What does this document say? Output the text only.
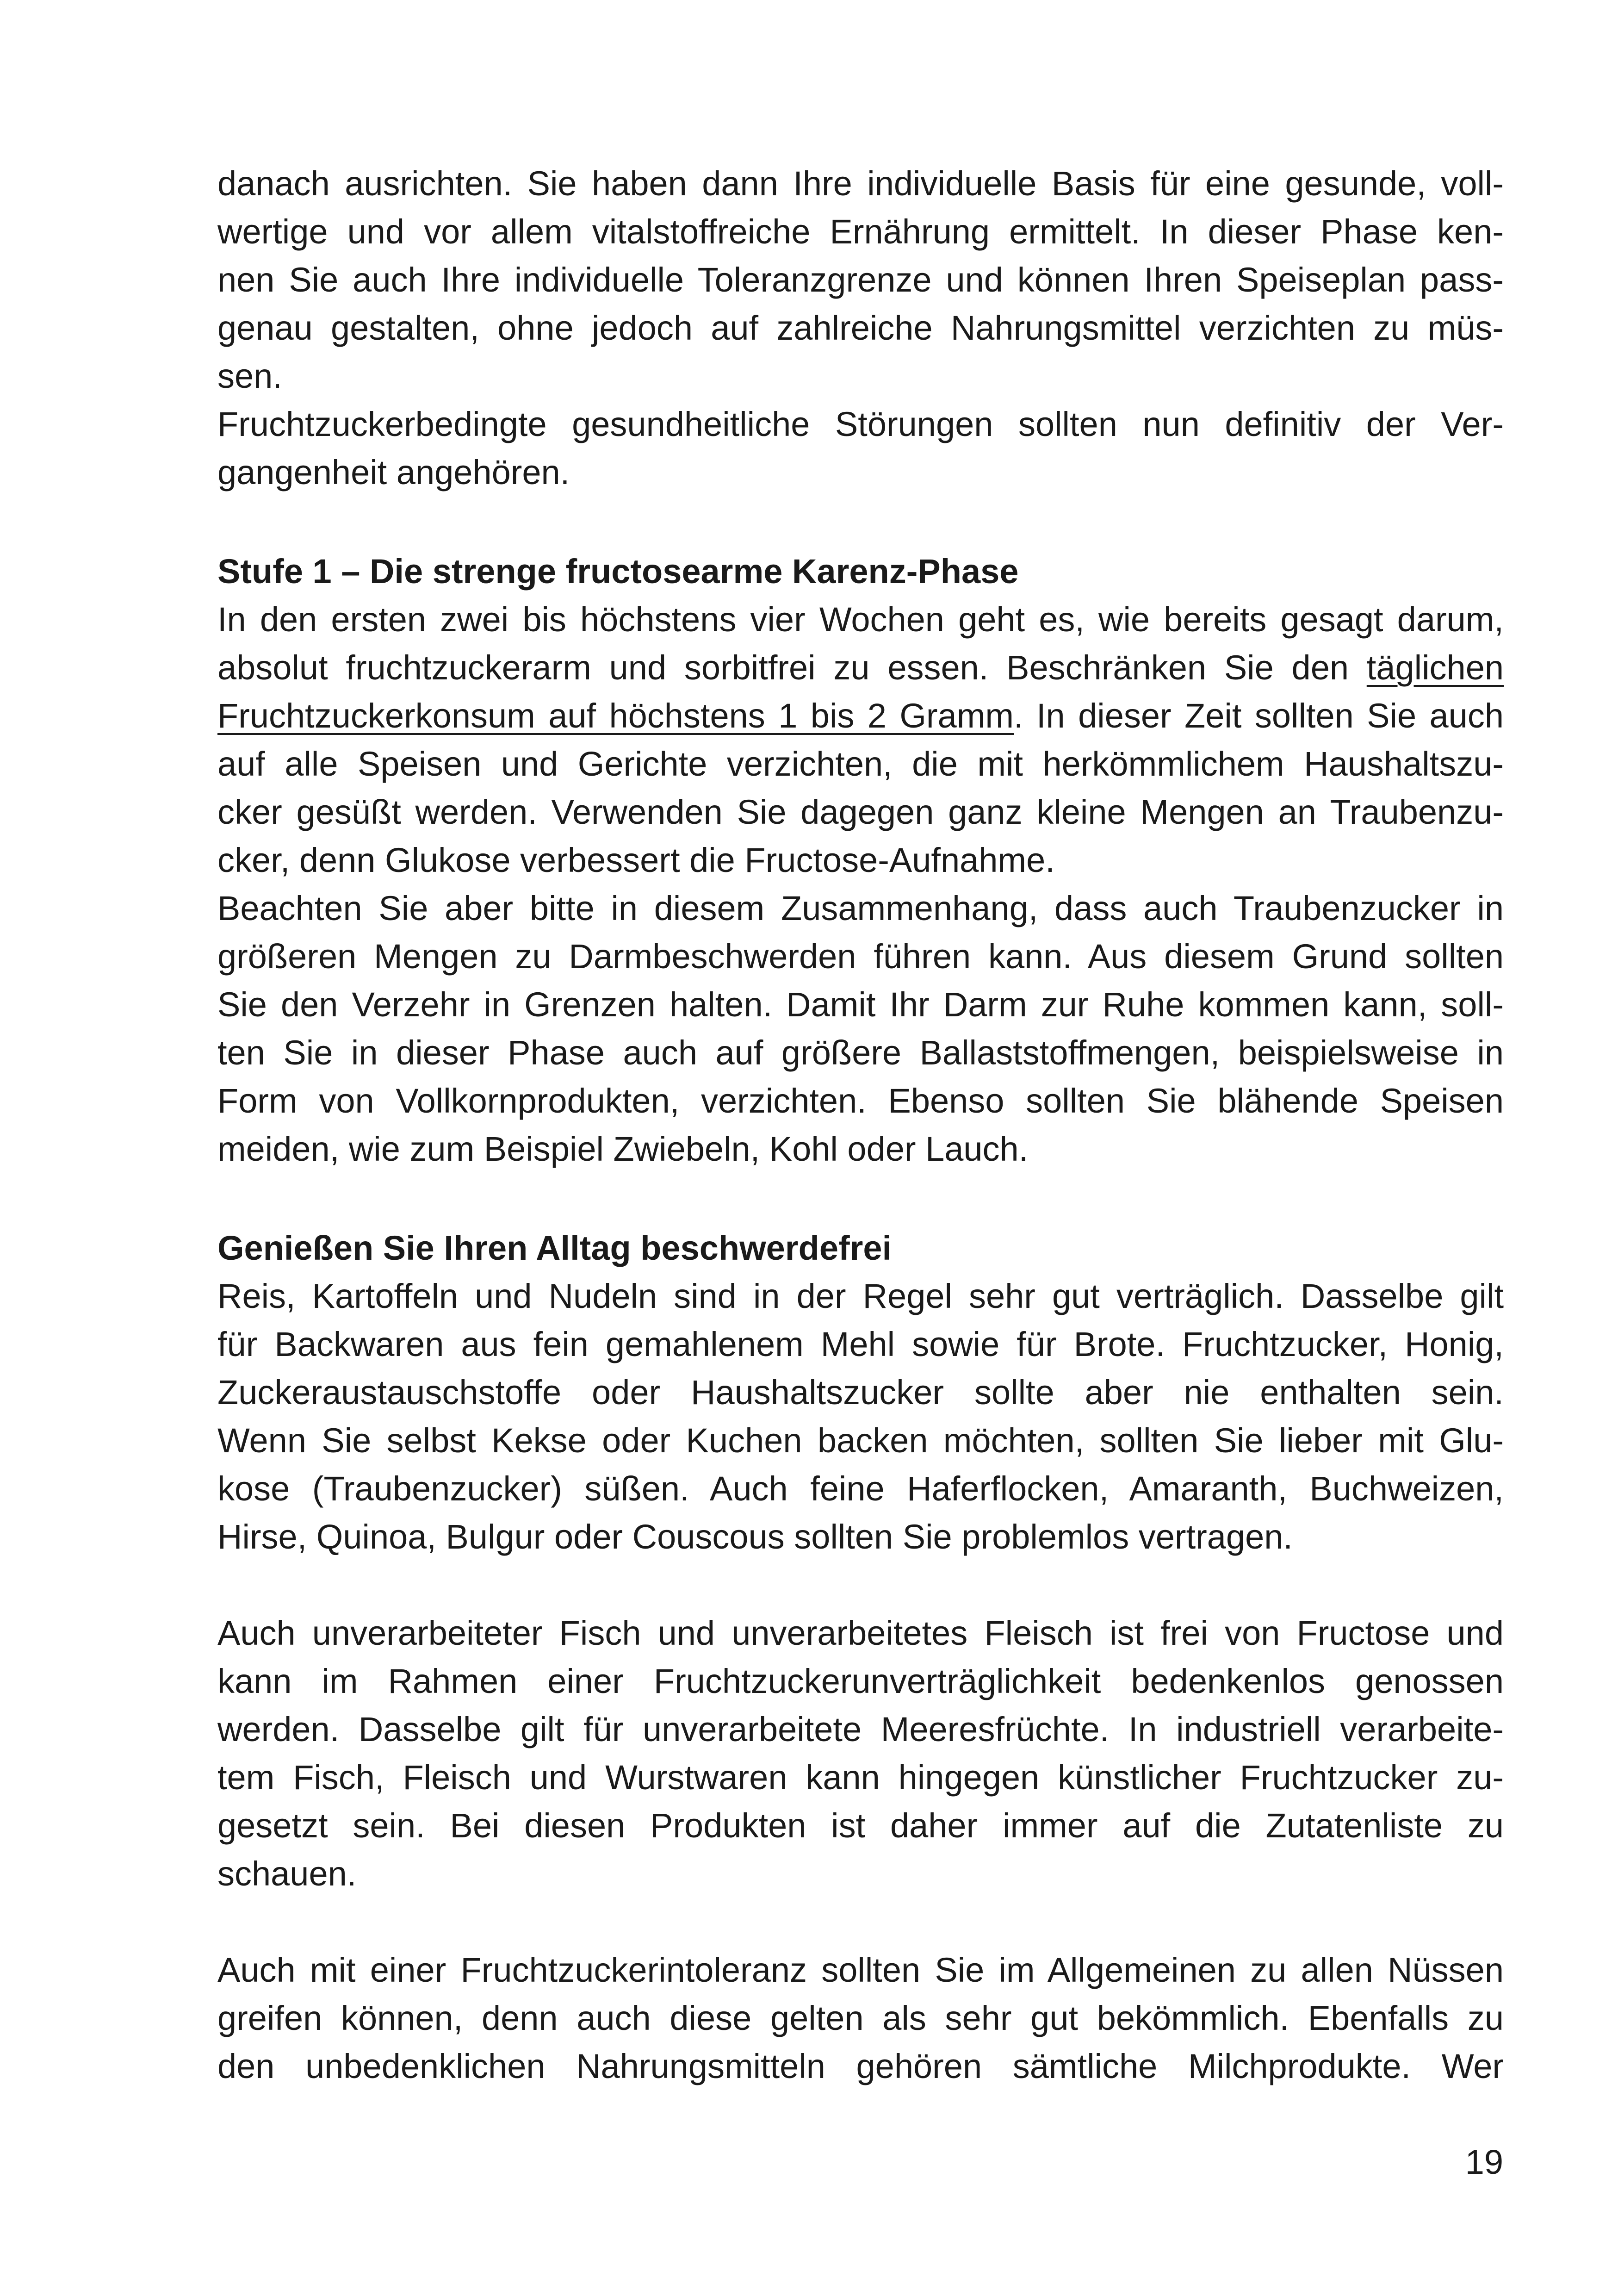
danach ausrichten. Sie haben dann Ihre individuelle Basis für eine gesunde, voll-
wertige und vor allem vitalstoffreiche Ernährung ermittelt. In dieser Phase ken-
nen Sie auch Ihre individuelle Toleranzgrenze und können Ihren Speiseplan pass-
genau gestalten, ohne jedoch auf zahlreiche Nahrungsmittel verzichten zu müs-
sen.
Fruchtzuckerbedingte gesundheitliche Störungen sollten nun definitiv der Ver-
gangenheit angehören.
Stufe 1 – Die strenge fructosearme Karenz-Phase
In den ersten zwei bis höchstens vier Wochen geht es, wie bereits gesagt darum,
absolut fruchtzuckerarm und sorbitfrei zu essen. Beschränken Sie den täglichen
Fruchtzuckerkonsum auf höchstens 1 bis 2 Gramm. In dieser Zeit sollten Sie auch
auf alle Speisen und Gerichte verzichten, die mit herkömmlichem Haushaltszu-
cker gesüßt werden. Verwenden Sie dagegen ganz kleine Mengen an Traubenzu-
cker, denn Glukose verbessert die Fructose-Aufnahme.
Beachten Sie aber bitte in diesem Zusammenhang, dass auch Traubenzucker in
größeren Mengen zu Darmbeschwerden führen kann. Aus diesem Grund sollten
Sie den Verzehr in Grenzen halten. Damit Ihr Darm zur Ruhe kommen kann, soll-
ten Sie in dieser Phase auch auf größere Ballaststoffmengen, beispielsweise in
Form von Vollkornprodukten, verzichten. Ebenso sollten Sie blähende Speisen
meiden, wie zum Beispiel Zwiebeln, Kohl oder Lauch.
Genießen Sie Ihren Alltag beschwerdefrei
Reis, Kartoffeln und Nudeln sind in der Regel sehr gut verträglich. Dasselbe gilt
für Backwaren aus fein gemahlenem Mehl sowie für Brote. Fruchtzucker, Honig,
Zuckeraustauschstoffe oder Haushaltszucker sollte aber nie enthalten sein.
Wenn Sie selbst Kekse oder Kuchen backen möchten, sollten Sie lieber mit Glu-
kose (Traubenzucker) süßen. Auch feine Haferflocken, Amaranth, Buchweizen,
Hirse, Quinoa, Bulgur oder Couscous sollten Sie problemlos vertragen.
Auch unverarbeiteter Fisch und unverarbeitetes Fleisch ist frei von Fructose und
kann im Rahmen einer Fruchtzuckerunverträglichkeit bedenkenlos genossen
werden. Dasselbe gilt für unverarbeitete Meeresfrüchte. In industriell verarbeite-
tem Fisch, Fleisch und Wurstwaren kann hingegen künstlicher Fruchtzucker zu-
gesetzt sein. Bei diesen Produkten ist daher immer auf die Zutatenliste zu
schauen.
Auch mit einer Fruchtzuckerintoleranz sollten Sie im Allgemeinen zu allen Nüssen
greifen können, denn auch diese gelten als sehr gut bekömmlich. Ebenfalls zu
den unbedenklichen Nahrungsmitteln gehören sämtliche Milchprodukte. Wer
19
